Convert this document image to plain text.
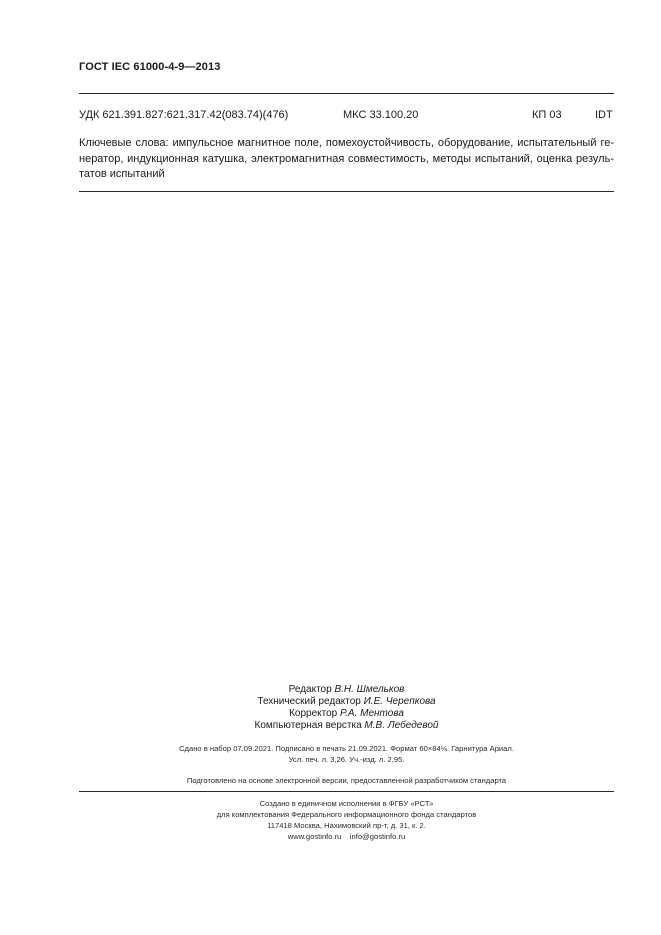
ГОСТ IEC 61000-4-9—2013
УДК 621.391.827:621.317.42(083.74)(476)	МКС 33.100.20	КП 03	IDT
Ключевые слова: импульсное магнитное поле, помехоустойчивость, оборудование, испытательный ге-
нератор, индукционная катушка, электромагнитная совместимость, методы испытаний, оценка резуль-
татов испытаний
Редактор В.Н. Шмельков
Технический редактор И.Е. Черепкова
Корректор Р.А. Ментова
Компьютерная верстка М.В. Лебедевой
Сдано в набор 07.09.2021. Подписано в печать 21.09.2021. Формат 60×84⅛. Гарнитура Ариал.
Усл. печ. л. 3,26. Уч.-изд. л. 2,95.
Подготовлено на основе электронной версии, предоставленной разработчиком стандарта
Создано в единичном исполнении в ФГБУ «РСТ»
для комплектования Федерального информационного фонда стандартов
117418 Москва, Нахимовский пр-т, д. 31, к. 2.
www.gostinfo.ru    info@gostinfo.ru
